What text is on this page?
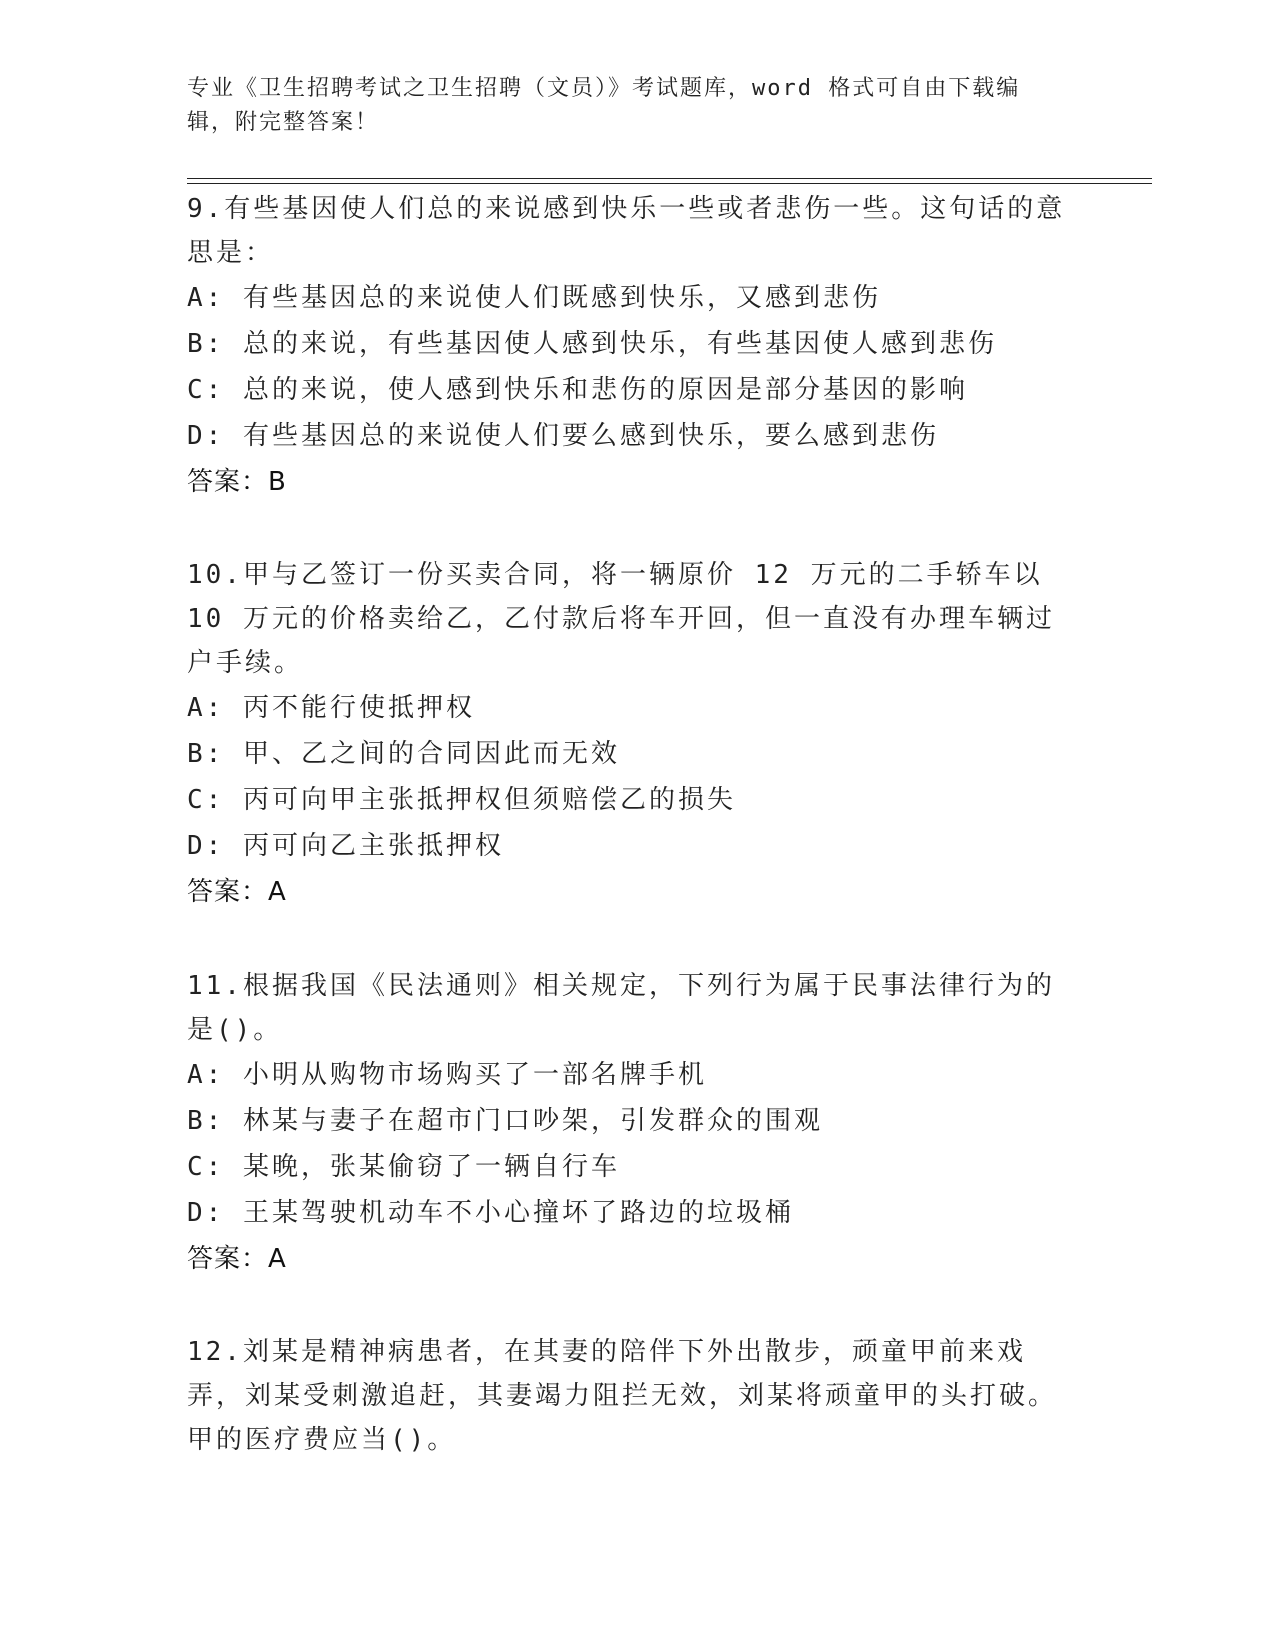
专业《卫生招聘考试之卫生招聘（文员）》考试题库，word 格式可自由下载编辑，附完整答案！

9.有些基因使人们总的来说感到快乐一些或者悲伤一些。这句话的意思是：

A: 有些基因总的来说使人们既感到快乐，又感到悲伤

B: 总的来说，有些基因使人感到快乐，有些基因使人感到悲伤

C: 总的来说，使人感到快乐和悲伤的原因是部分基因的影响

D: 有些基因总的来说使人们要么感到快乐，要么感到悲伤

答案：B

10.甲与乙签订一份买卖合同，将一辆原价 12 万元的二手轿车以 10 万元的价格卖给乙，乙付款后将车开回，但一直没有办理车辆过户手续。

A: 丙不能行使抵押权

B: 甲、乙之间的合同因此而无效

C: 丙可向甲主张抵押权但须赔偿乙的损失

D: 丙可向乙主张抵押权

答案：A

11.根据我国《民法通则》相关规定，下列行为属于民事法律行为的是()。

A: 小明从购物市场购买了一部名牌手机

B: 林某与妻子在超市门口吵架，引发群众的围观

C: 某晚，张某偷窃了一辆自行车

D: 王某驾驶机动车不小心撞坏了路边的垃圾桶

答案：A

12.刘某是精神病患者，在其妻的陪伴下外出散步，顽童甲前来戏弄，刘某受刺激追赶，其妻竭力阻拦无效，刘某将顽童甲的头打破。甲的医疗费应当()。
